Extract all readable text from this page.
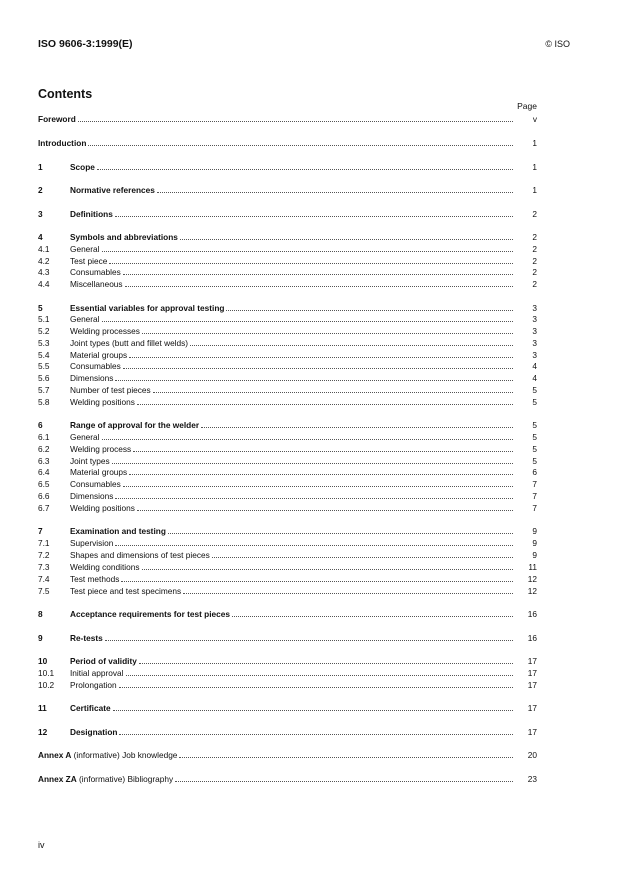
ISO 9606-3:1999(E)	© ISO
Contents
Page
Foreword	v
Introduction	1
1	Scope	1
2	Normative references	1
3	Definitions	2
4	Symbols and abbreviations	2
4.1	General	2
4.2	Test piece	2
4.3	Consumables	2
4.4	Miscellaneous	2
5	Essential variables for approval testing	3
5.1	General	3
5.2	Welding processes	3
5.3	Joint types (butt and fillet welds)	3
5.4	Material groups	3
5.5	Consumables	4
5.6	Dimensions	4
5.7	Number of test pieces	5
5.8	Welding positions	5
6	Range of approval for the welder	5
6.1	General	5
6.2	Welding process	5
6.3	Joint types	5
6.4	Material groups	6
6.5	Consumables	7
6.6	Dimensions	7
6.7	Welding positions	7
7	Examination and testing	9
7.1	Supervision	9
7.2	Shapes and dimensions of test pieces	9
7.3	Welding conditions	11
7.4	Test methods	12
7.5	Test piece and test specimens	12
8	Acceptance requirements for test pieces	16
9	Re-tests	16
10	Period of validity	17
10.1	Initial approval	17
10.2	Prolongation	17
11	Certificate	17
12	Designation	17
Annex A (informative) Job knowledge	20
Annex ZA (informative) Bibliography	23
iv
